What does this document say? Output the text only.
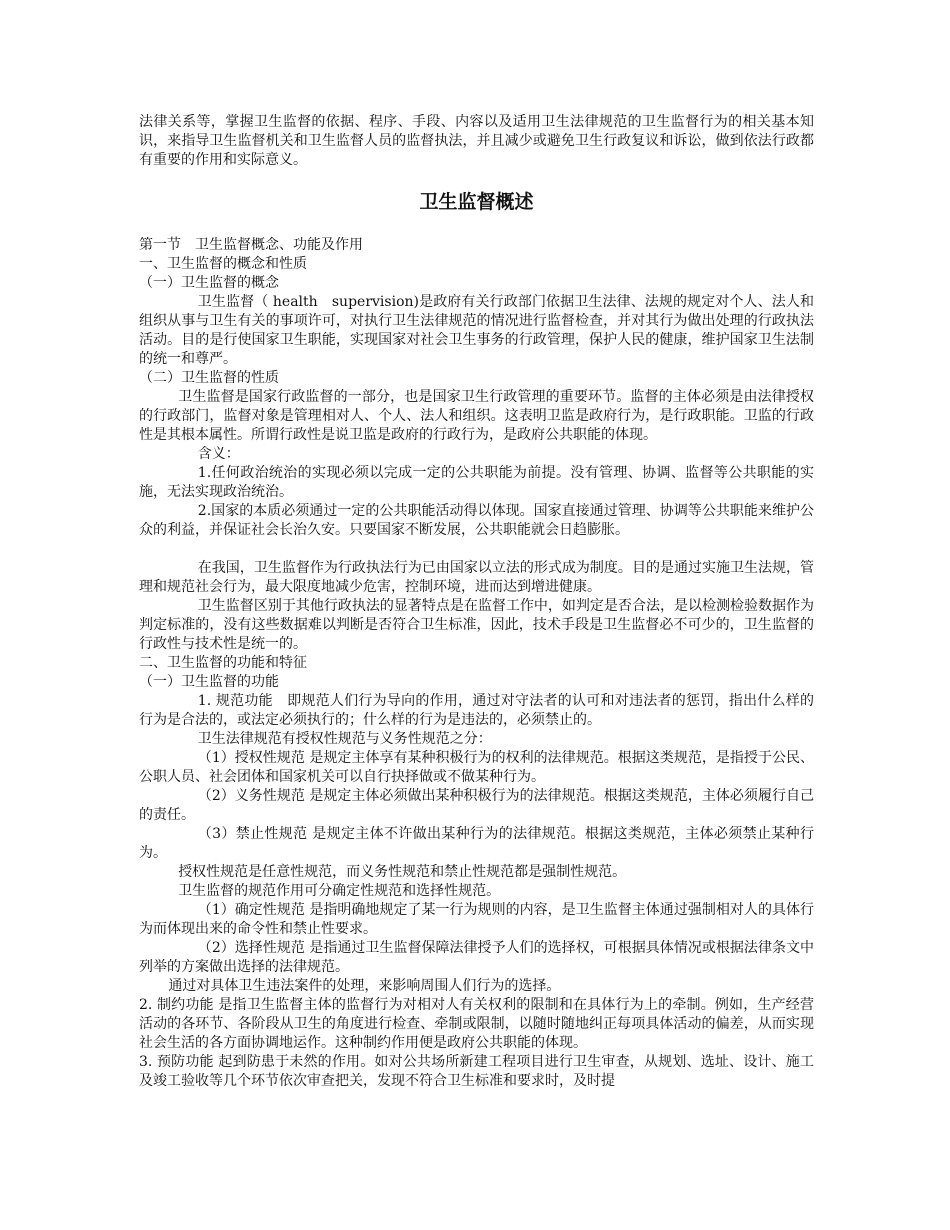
法律关系等，掌握卫生监督的依据、程序、手段、内容以及适用卫生法律规范的卫生监督行为的相关基本知识，来指导卫生监督机关和卫生监督人员的监督执法，并且减少或避免卫生行政复议和诉讼，做到依法行政都有重要的作用和实际意义。

卫生监督概述

第一节　卫生监督概念、功能及作用

一、卫生监督的概念和性质

（一）卫生监督的概念

卫生监督（ health　supervision)是政府有关行政部门依据卫生法律、法规的规定对个人、法人和组织从事与卫生有关的事项许可，对执行卫生法律规范的情况进行监督检查，并对其行为做出处理的行政执法活动。目的是行使国家卫生职能，实现国家对社会卫生事务的行政管理，保护人民的健康，维护国家卫生法制的统一和尊严。

（二）卫生监督的性质

卫生监督是国家行政监督的一部分，也是国家卫生行政管理的重要环节。监督的主体必须是由法律授权的行政部门，监督对象是管理相对人、个人、法人和组织。这表明卫监是政府行为，是行政职能。卫监的行政性是其根本属性。所谓行政性是说卫监是政府的行政行为，是政府公共职能的体现。

含义：

1.任何政治统治的实现必须以完成一定的公共职能为前提。没有管理、协调、监督等公共职能的实施，无法实现政治统治。

2.国家的本质必须通过一定的公共职能活动得以体现。国家直接通过管理、协调等公共职能来维护公众的利益，并保证社会长治久安。只要国家不断发展，公共职能就会日趋膨胀。

在我国，卫生监督作为行政执法行为已由国家以立法的形式成为制度。目的是通过实施卫生法规，管理和规范社会行为，最大限度地减少危害，控制环境，进而达到增进健康。

卫生监督区别于其他行政执法的显著特点是在监督工作中，如判定是否合法，是以检测检验数据作为判定标准的，没有这些数据难以判断是否符合卫生标准，因此，技术手段是卫生监督必不可少的，卫生监督的行政性与技术性是统一的。

二、卫生监督的功能和特征

（一）卫生监督的功能

1. 规范功能　即规范人们行为导向的作用，通过对守法者的认可和对违法者的惩罚，指出什么样的行为是合法的，或法定必须执行的；什么样的行为是违法的，必须禁止的。

卫生法律规范有授权性规范与义务性规范之分：

（1）授权性规范 是规定主体享有某种积极行为的权利的法律规范。根据这类规范，是指授于公民、公职人员、社会团体和国家机关可以自行抉择做或不做某种行为。

（2）义务性规范 是规定主体必须做出某种积极行为的法律规范。根据这类规范，主体必须履行自己的责任。

（3）禁止性规范 是规定主体不许做出某种行为的法律规范。根据这类规范，主体必须禁止某种行为。

授权性规范是任意性规范，而义务性规范和禁止性规范都是强制性规范。

卫生监督的规范作用可分确定性规范和选择性规范。

（1）确定性规范 是指明确地规定了某一行为规则的内容，是卫生监督主体通过强制相对人的具体行为而体现出来的命令性和禁止性要求。

（2）选择性规范 是指通过卫生监督保障法律授予人们的选择权，可根据具体情况或根据法律条文中列举的方案做出选择的法律规范。

通过对具体卫生违法案件的处理，来影响周围人们行为的选择。

2. 制约功能 是指卫生监督主体的监督行为对相对人有关权利的限制和在具体行为上的牵制。例如，生产经营活动的各环节、各阶段从卫生的角度进行检查、牵制或限制，以随时随地纠正每项具体活动的偏差，从而实现社会生活的各方面协调地运作。这种制约作用便是政府公共职能的体现。

3. 预防功能 起到防患于未然的作用。如对公共场所新建工程项目进行卫生审查，从规划、选址、设计、施工及竣工验收等几个环节依次审查把关，发现不符合卫生标准和要求时，及时提
